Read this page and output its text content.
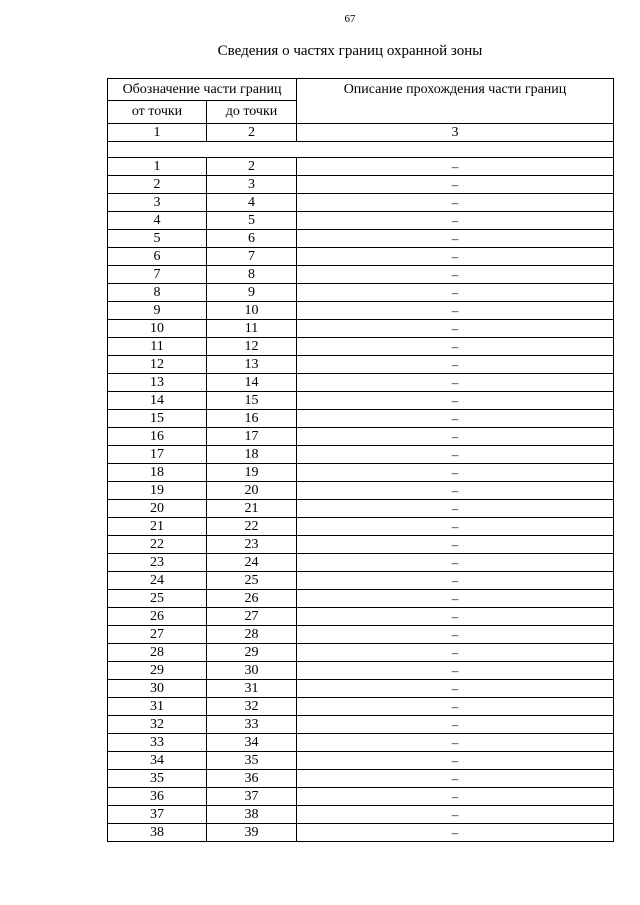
67
Сведения о частях границ охранной зоны
Обозначение части границ		Описание прохождения части границ
от точки	до точки	
1	2	3

1	2	–
2	3	–
3	4	–
4	5	–
5	6	–
6	7	–
7	8	–
8	9	–
9	10	–
10	11	–
11	12	–
12	13	–
13	14	–
14	15	–
15	16	–
16	17	–
17	18	–
18	19	–
19	20	–
20	21	–
21	22	–
22	23	–
23	24	–
24	25	–
25	26	–
26	27	–
27	28	–
28	29	–
29	30	–
30	31	–
31	32	–
32	33	–
33	34	–
34	35	–
35	36	–
36	37	–
37	38	–
38	39	–
